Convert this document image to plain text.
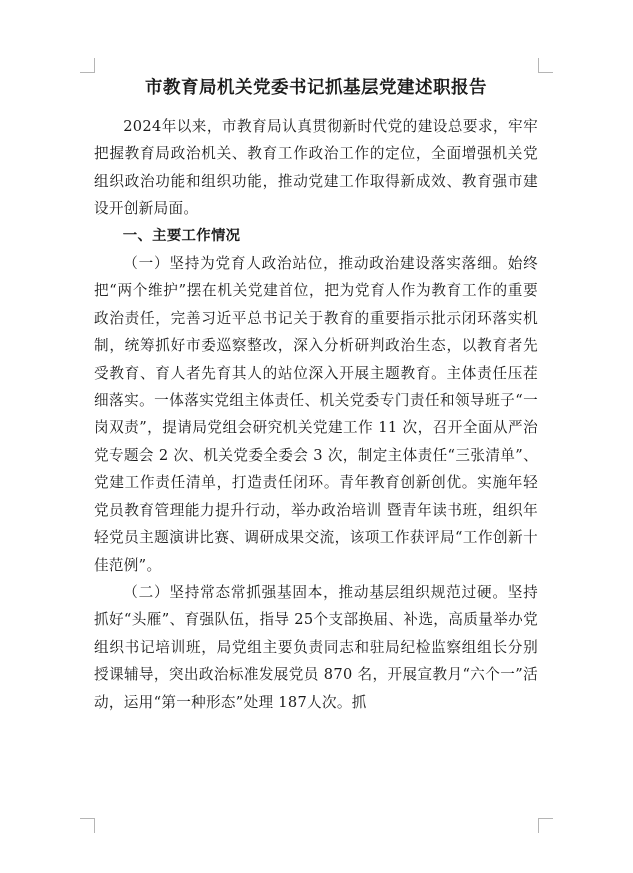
市教育局机关党委书记抓基层党建述职报告

2024年以来，市教育局认真贯彻新时代党的建设总要求，牢牢把握教育局政治机关、教育工作政治工作的定位，全面增强机关党组织政治功能和组织功能，推动党建工作取得新成效、教育强市建设开创新局面。

一、主要工作情况

（一）坚持为党育人政治站位，推动政治建设落实落细。始终把“两个维护”摆在机关党建首位，把为党育人作为教育工作的重要政治责任，完善习近平总书记关于教育的重要指示批示闭环落实机制，统筹抓好市委巡察整改，深入分析研判政治生态，以教育者先受教育、育人者先育其人的站位深入开展主题教育。主体责任压茬细落实。一体落实党组主体责任、机关党委专门责任和领导班子“一岗双责”，提请局党组会研究机关党建工作 11 次，召开全面从严治党专题会 2 次、机关党委全委会 3 次，制定主体责任“三张清单”、党建工作责任清单，打造责任闭环。青年教育创新创优。实施年轻党员教育管理能力提升行动，举办政治培训 暨青年读书班，组织年轻党员主题演讲比赛、调研成果交流，该项工作获评局“工作创新十佳范例”。

（二）坚持常态常抓强基固本，推动基层组织规范过硬。坚持抓好“头雁”、育强队伍，指导 25个支部换届、补选，高质量举办党组织书记培训班，局党组主要负责同志和驻局纪检监察组组长分别授课辅导，突出政治标准发展党员 870 名，开展宣教月“六个一”活动，运用“第一种形态”处理 187人次。抓
